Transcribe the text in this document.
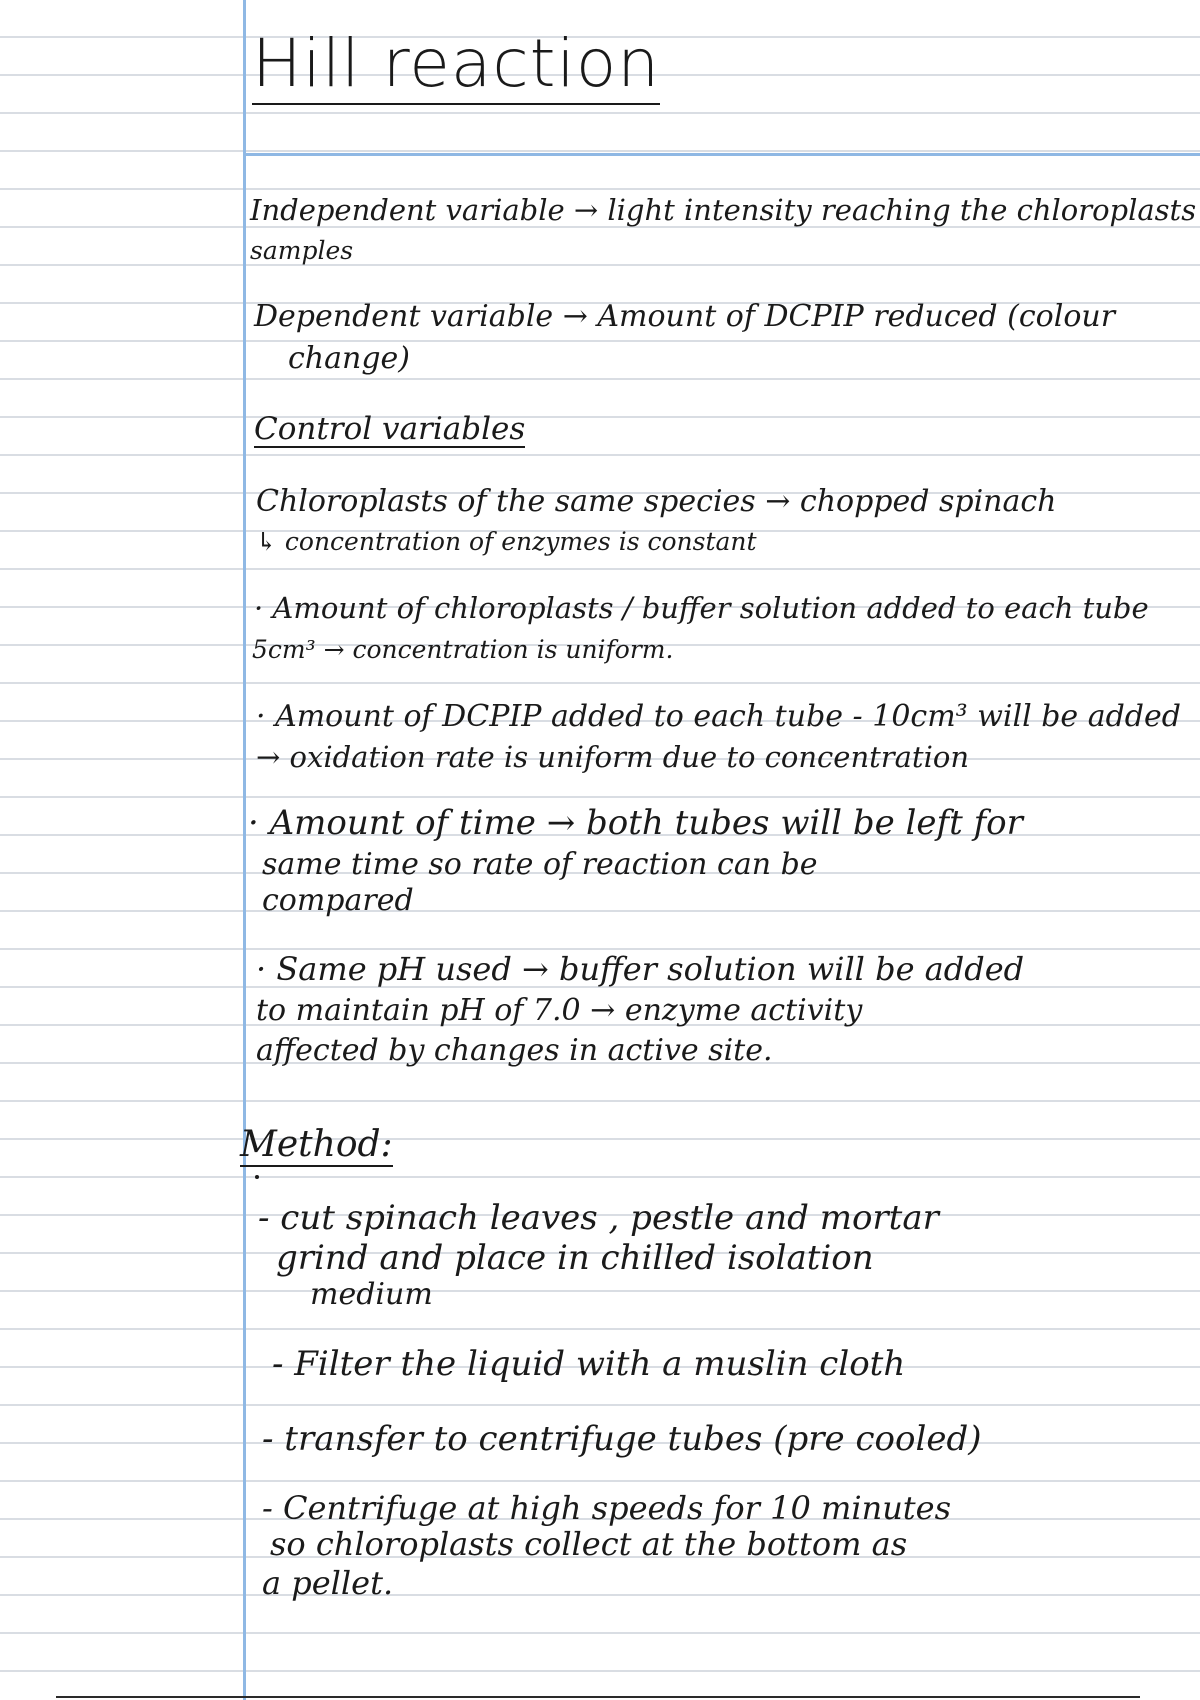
Hill reaction
Independent variable → light intensity reaching the chloroplasts
samples
Dependent variable → Amount of DCPIP reduced (colour
change)
Control variables
Chloroplasts of the same species → chopped spinach
↳ concentration of enzymes is constant
· Amount of chloroplasts / buffer solution added to each tube
5cm³ → concentration is uniform.
· Amount of DCPIP added to each tube - 10cm³ will be added
→ oxidation rate is uniform due to concentration
· Amount of time → both tubes will be left for
same time so rate of reaction can be
compared
· Same pH used → buffer solution will be added
to maintain pH of 7.0 → enzyme activity
affected by changes in active site.
Method:
- cut spinach leaves , pestle and mortar
grind and place in chilled isolation
medium
- Filter the liquid with a muslin cloth
- transfer to centrifuge tubes (pre cooled)
- Centrifuge at high speeds for 10 minutes
so chloroplasts collect at the bottom as
a pellet.
